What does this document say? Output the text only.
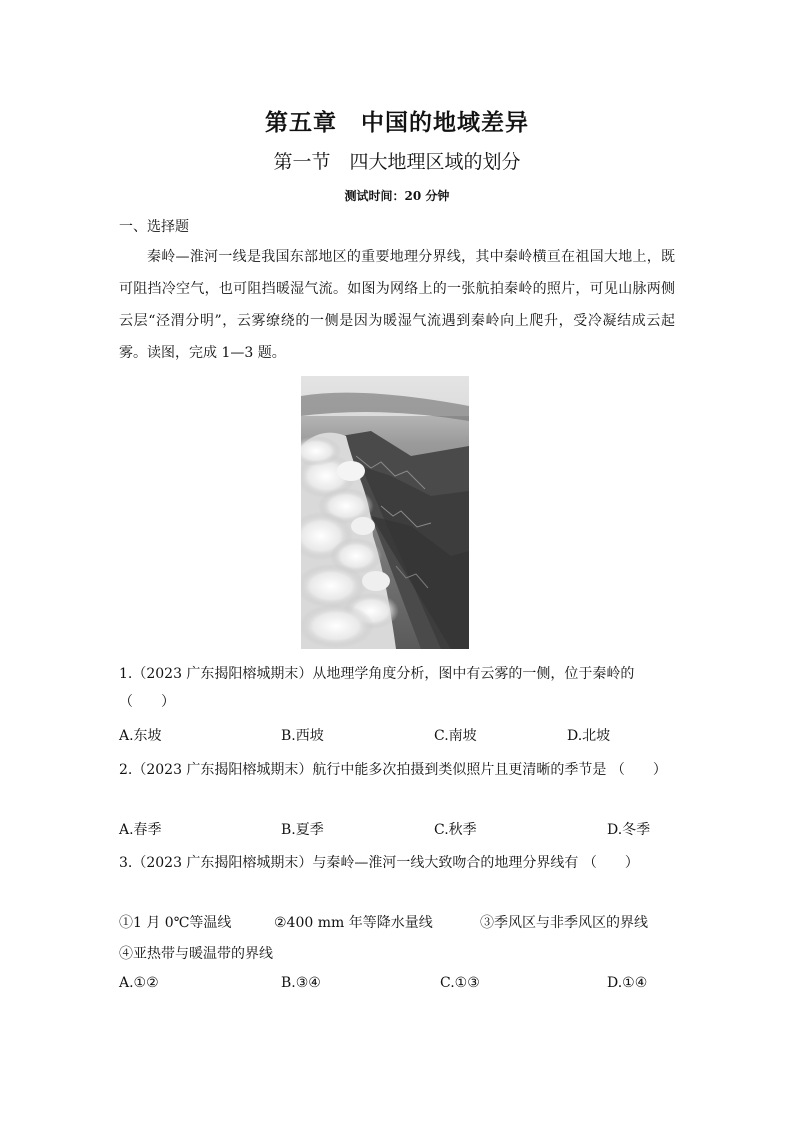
第五章　中国的地域差异
第一节　四大地理区域的划分
测试时间：20 分钟
一、选择题

秦岭—淮河一线是我国东部地区的重要地理分界线，其中秦岭横亘在祖国大地上，既可阻挡冷空气，也可阻挡暖湿气流。如图为网络上的一张航拍秦岭的照片，可见山脉两侧云层“泾渭分明”，云雾缭绕的一侧是因为暖湿气流遇到秦岭向上爬升，受冷凝结成云起雾。读图，完成 1—3 题。

1.（2023 广东揭阳榕城期末）从地理学角度分析，图中有云雾的一侧，位于秦岭的 （　　）

A.东坡	B.西坡	C.南坡	D.北坡

2.（2023 广东揭阳榕城期末）航行中能多次拍摄到类似照片且更清晰的季节是 （　　）

A.春季	B.夏季	C.秋季	D.冬季

3.（2023 广东揭阳榕城期末）与秦岭—淮河一线大致吻合的地理分界线有 （　　）

①1 月 0℃等温线	②400 mm 年等降水量线	③季风区与非季风区的界线
④亚热带与暖温带的界线
A.①②	B.③④	C.①③	D.①④
